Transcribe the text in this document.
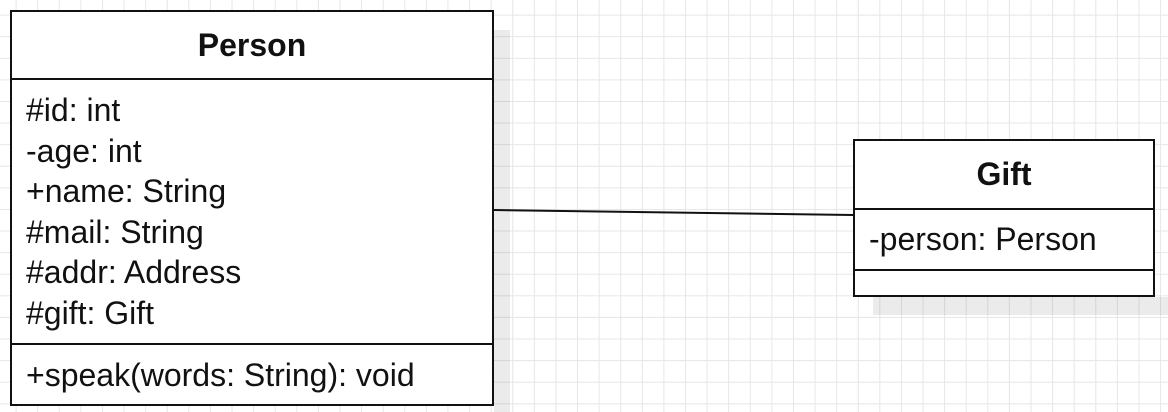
Person
#id: int
-age: int
+name: String
#mail: String
#addr: Address
#gift: Gift
+speak(words: String): void
Gift
-person: Person
